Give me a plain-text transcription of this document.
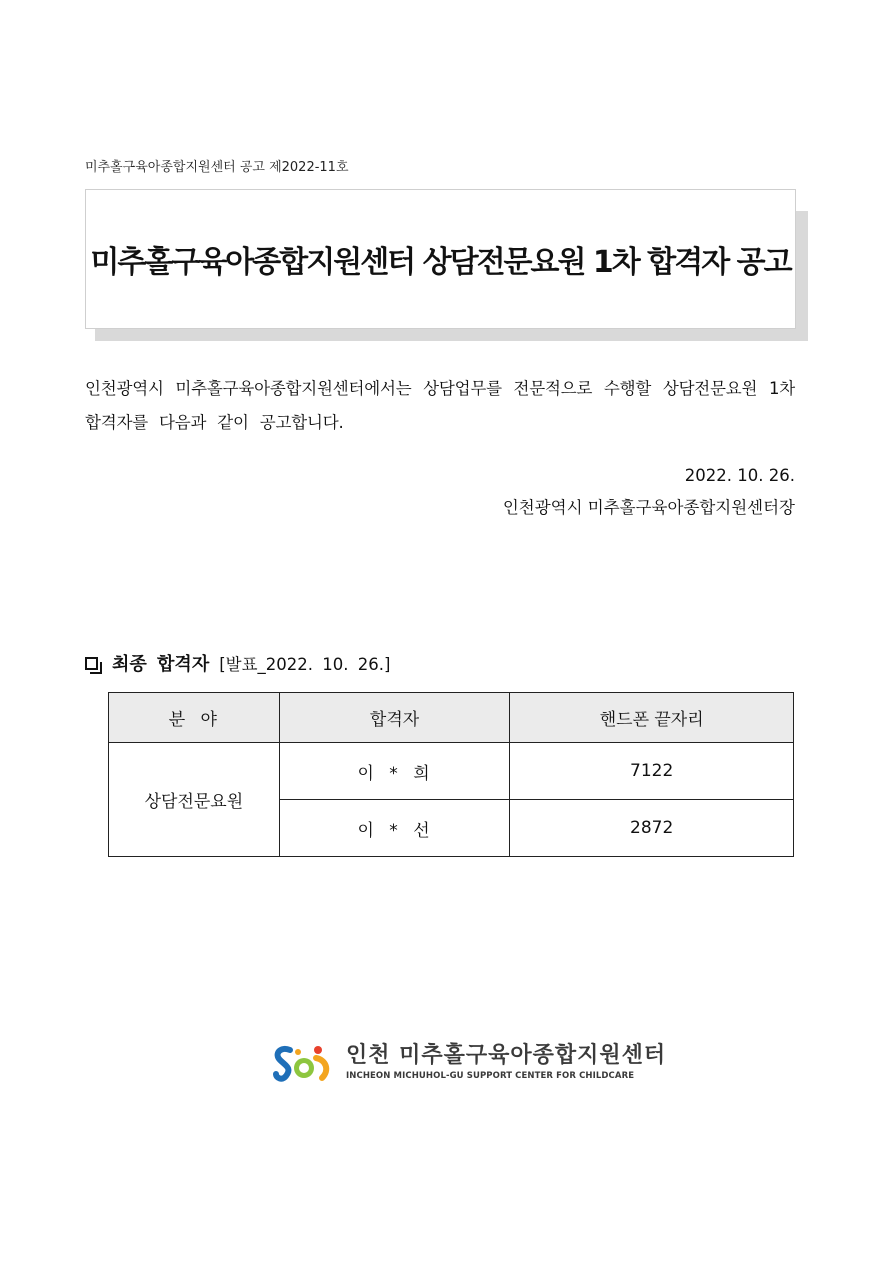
미추홀구육아종합지원센터 공고 제2022-11호
미추홀구육아종합지원센터 상담전문요원 1차 합격자 공고
인천광역시 미추홀구육아종합지원센터에서는 상담업무를 전문적으로 수행할 상담전문요원 1차 합격자를 다음과 같이 공고합니다.
2022. 10. 26.
인천광역시 미추홀구육아종합지원센터장
최종 합격자 [발표_2022. 10. 26.]
분 야	합격자	핸드폰 끝자리
상담전문요원	이 * 희	7122
	이 * 선	2872
인천 미추홀구육아종합지원센터
INCHEON MICHUHOL-GU SUPPORT CENTER FOR CHILDCARE
